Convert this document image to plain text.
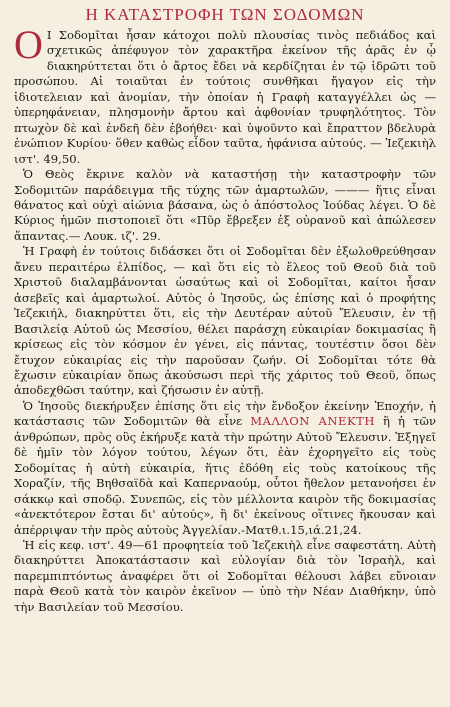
Η ΚΑΤΑΣΤΡΟΦΗ ΤΩΝ ΣΟΔΟΜΩΝ

Ο Ι Σοδομῖται ἦσαν κάτοχοι πολὺ πλουσίας τινὸς πεδιάδος καὶ σχετικῶς ἀπέφυγον τὸν χαρακτῆρα ἐκείνον τῆς ἀρᾶς ἐν ᾧ διακηρύττεται ὅτι ὁ ἄρτος ἔδει νὰ κερδίζηται ἐν τῷ ἱδρῶτι τοῦ προσώπου. Αἱ τοιαῦται ἐν τούτοις συνθῆκαι ἤγαγον εἰς τὴν ἰδιοτελειαν καὶ ἀνομίαν, τὴν ὁποίαν ἡ Γραφὴ καταγγέλλει ὡς — ὑπερηφάνειαν, πλησμονὴν ἄρτου καὶ ἀφθονίαν τρυφηλότητος. Τὸν πτωχὸν δὲ καὶ ἐνδεῆ δὲν ἐβοήθει· καὶ ὑψοῦντο καὶ ἔπραττον βδελυρὰ ἐνώπιον Κυρίου· ὅθεν καθὼς εἶδον ταῦτα, ἠφάνισα αὐτούς. — Ἰεζεκιὴλ ιστ'. 49,50.

Ὁ Θεὸς ἔκρινε καλὸν νὰ καταστήσῃ τὴν καταστροφὴν τῶν Σοδομιτῶν παράδειγμα τῆς τύχης τῶν ἁμαρτωλῶν, ——— ἥτις εἶναι θάνατος καὶ οὐχὶ αἰώνια βάσανα, ὡς ὁ ἀπόστολος Ἰούδας λέγει. Ὁ δὲ Κύριος ἡμῶν πιστοποιεῖ ὅτι «Πῦρ ἔβρεξεν ἐξ οὐρανοῦ καὶ ἀπώλεσεν ἅπαντας.— Λουκ. ιζ'. 29.

Ἡ Γραφὴ ἐν τούτοις διδάσκει ὅτι οἱ Σοδομῖται δὲν ἐξωλοθρεύθησαν ἄνευ περαιτέρω ἐλπίδος, — καὶ ὅτι εἰς τὸ ἔλεος τοῦ Θεοῦ διὰ τοῦ Χριστοῦ διαλαμβάνονται ὡσαύτως καὶ οἱ Σοδομῖται, καίτοι ἦσαν ἀσεβεῖς καὶ ἁμαρτωλοί. Αὐτὸς ὁ Ἰησοῦς, ὡς ἐπίσης καὶ ὁ προφήτης Ἰεζεκιήλ, διακηρύττει ὅτι, εἰς τὴν Δευτέραν αὐτοῦ Ἔλευσιν, ἐν τῇ Βασιλείᾳ Αὐτοῦ ὡς Μεσσίου, θέλει παράσχη εὐκαιρίαν δοκιμασίας ἢ κρίσεως εἰς τὸν κόσμον ἐν γένει, εἰς πάντας, τουτέστιν ὅσοι δὲν ἔτυχον εὐκαιρίας εἰς τὴν παροῦσαν ζωήν. Οἱ Σοδομῖται τότε θὰ ἔχωσιν εὐκαιρίαν ὅπως ἀκούσωσι περὶ τῆς χάριτος τοῦ Θεοῦ, ὅπως ἀποδεχθῶσι ταύτην, καὶ ζήσωσιν ἐν αὐτῇ.

Ὁ Ἰησοῦς διεκήρυξεν ἐπίσης ὅτι εἰς τὴν ἔνδοξον ἐκείνην Ἐποχήν, ἡ κατάστασις τῶν Σοδομιτῶν θὰ εἶνε ΜΑΛΛΟΝ ΑΝΕΚΤΗ ἢ ἡ τῶν ἀνθρώπων, πρὸς οὓς ἐκήρυξε κατὰ τὴν πρώτην Αὐτοῦ Ἔλευσιν. Ἐξηγεῖ δὲ ἡμῖν τὸν λόγον τούτου, λέγων ὅτι, ἐὰν ἐχορηγεῖτο εἰς τοὺς Σοδομίτας ἡ αὐτὴ εὐκαιρία, ἥτις ἐδόθη εἰς τοὺς κατοίκους τῆς Χοραζίν, τῆς Βηθσαϊδὰ καὶ Καπερναούμ, οὗτοι ἤθελον μετανοήσει ἐν σάκκῳ καὶ σποδῷ. Συνεπῶς, εἰς τὸν μέλλοντα καιρὸν τῆς δοκιμασίας «ἀνεκτότερον ἔσται δι' αὐτούς», ἢ δι' ἐκείνους οἵτινες ἤκουσαν καὶ ἀπέρριψαν τὴν πρὸς αὐτοὺς Ἀγγελίαν.-Ματθ.ι.15,ιά.21,24.

Ἡ εἰς κεφ. ιστ'. 49—61 προφητεία τοῦ Ἰεζεκιὴλ εἶνε σαφεστάτη. Αὐτὴ διακηρύττει Ἀποκατάστασιν καὶ εὐλογίαν διὰ τὸν Ἰσραὴλ, καὶ παρεμπιπτόντως ἀναφέρει ὅτι οἱ Σοδομῖται θέλουσι λάβει εὔνοιαν παρὰ Θεοῦ κατὰ τὸν καιρὸν ἐκεῖνον — ὑπὸ τὴν Νέαν Διαθήκην, ὑπὸ τὴν Βασιλείαν τοῦ Μεσσίου.
